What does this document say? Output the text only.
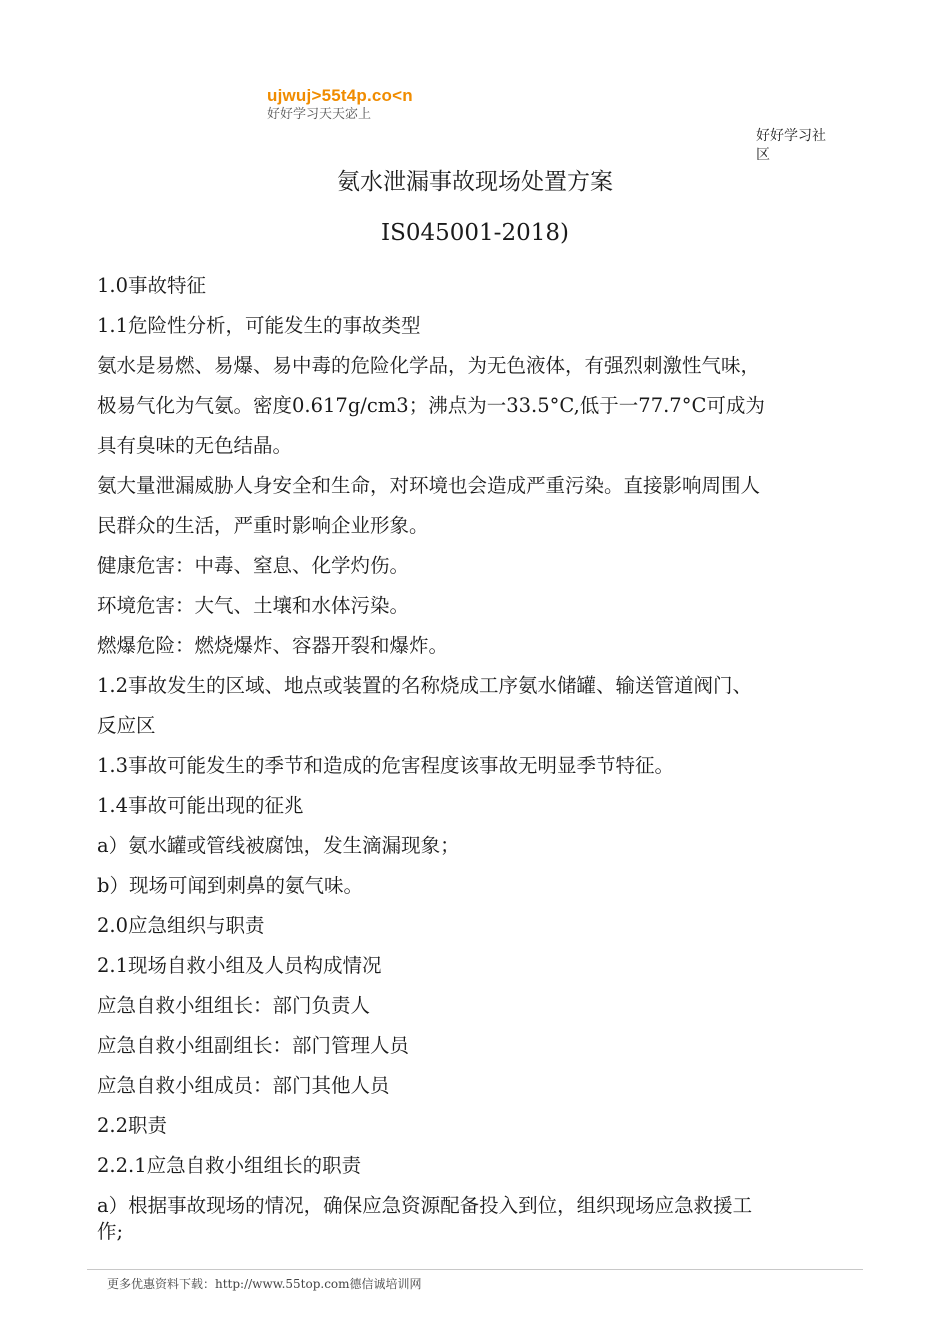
ujwuj>55t4p.co<n
好好学习天天宓上
好好学习社
区
氨水泄漏事故现场处置方案
IS045001-2018)
1.0事故特征
1.1危险性分析，可能发生的事故类型
氨水是易燃、易爆、易中毒的危险化学品，为无色液体，有强烈刺激性气味，
极易气化为气氨。密度0.617g/cm3；沸点为一33.5°C,低于一77.7°C可成为
具有臭味的无色结晶。
氨大量泄漏威胁人身安全和生命，对环境也会造成严重污染。直接影响周围人
民群众的生活，严重时影响企业形象。
健康危害：中毒、窒息、化学灼伤。
环境危害：大气、土壤和水体污染。
燃爆危险：燃烧爆炸、容器开裂和爆炸。
1.2事故发生的区域、地点或装置的名称烧成工序氨水储罐、输送管道阀门、
反应区
1.3事故可能发生的季节和造成的危害程度该事故无明显季节特征。
1.4事故可能出现的征兆
a）氨水罐或管线被腐蚀，发生滴漏现象；
b）现场可闻到刺鼻的氨气味。
2.0应急组织与职责
2.1现场自救小组及人员构成情况
应急自救小组组长：部门负责人
应急自救小组副组长：部门管理人员
应急自救小组成员：部门其他人员
2.2职责
2.2.1应急自救小组组长的职责
a）根据事故现场的情况，确保应急资源配备投入到位，组织现场应急救援工
作;
更多优惠资料下载：http://www.55top.com德信诚培训网
